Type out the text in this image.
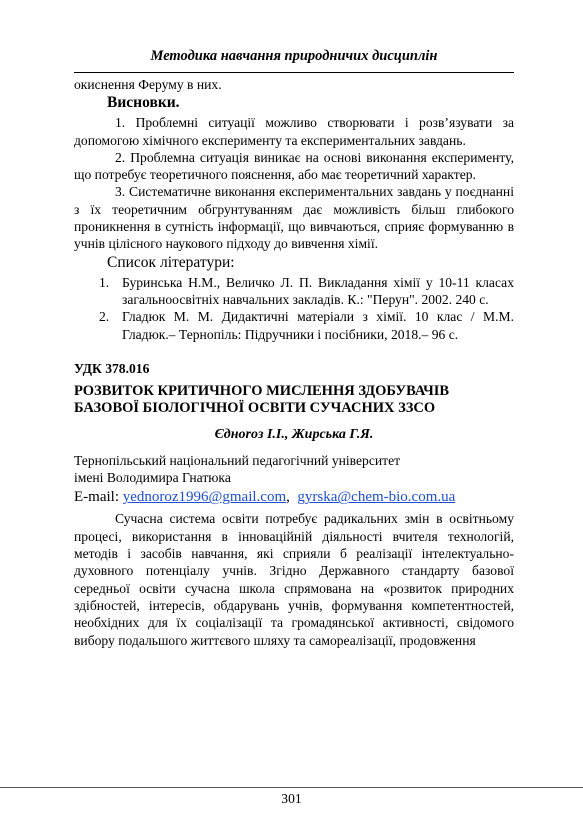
Методика навчання природничих дисциплін

окиснення Феруму в них.

Висновки.

1. Проблемні ситуації можливо створювати і розв’язувати за допомогою хімічного експерименту та експериментальних завдань.

2. Проблемна ситуація виникає на основі виконання експерименту, що потребує теоретичного пояснення, або має теоретичний характер.

3. Систематичне виконання експериментальних завдань у поєднанні з їх теоретичним обгрунтуванням дає можливість більш глибокого проникнення в сутність інформації, що вивчаються, сприяє формуванню в учнів цілісного наукового підходу до вивчення хімії.

Список літератури:
1. Буринська Н.М., Величко Л. П. Викладання хімії у 10-11 класах загальноосвітніх навчальних закладів. К.: "Перун". 2002. 240 с.
2. Гладюк М. М. Дидактичні матеріали з хімії. 10 клас / М.М. Гладюк.– Тернопіль: Підручники і посібники, 2018.– 96 с.
УДК 378.016

РОЗВИТОК КРИТИЧНОГО МИСЛЕННЯ ЗДОБУВАЧІВ

БАЗОВОЇ БІОЛОГІЧНОЇ ОСВІТИ СУЧАСНИХ ЗЗСО

Єдноroз І.І., Жирська Г.Я.

Тернопільський національний педагогічний університет

імені Володимира Гнатюка

E-mail: yednoroz1996@gmail.com, gyrska@chem-bio.com.ua

Сучасна система освіти потребує радикальних змін в освітньому процесі, використання в інноваційній діяльності вчителя технологій, методів і засобів навчання, які сприяли б реалізації інтелектуально-духовного потенціалу учнів. Згідно Державного стандарту базової середньої освіти сучасна школа спрямована на «розвиток природних здібностей, інтересів, обдарувань учнів, формування компетентностей, необхідних для їх соціалізації та громадянської активності, свідомого вибору подальшого життєвого шляху та самореалізації, продовження

301
